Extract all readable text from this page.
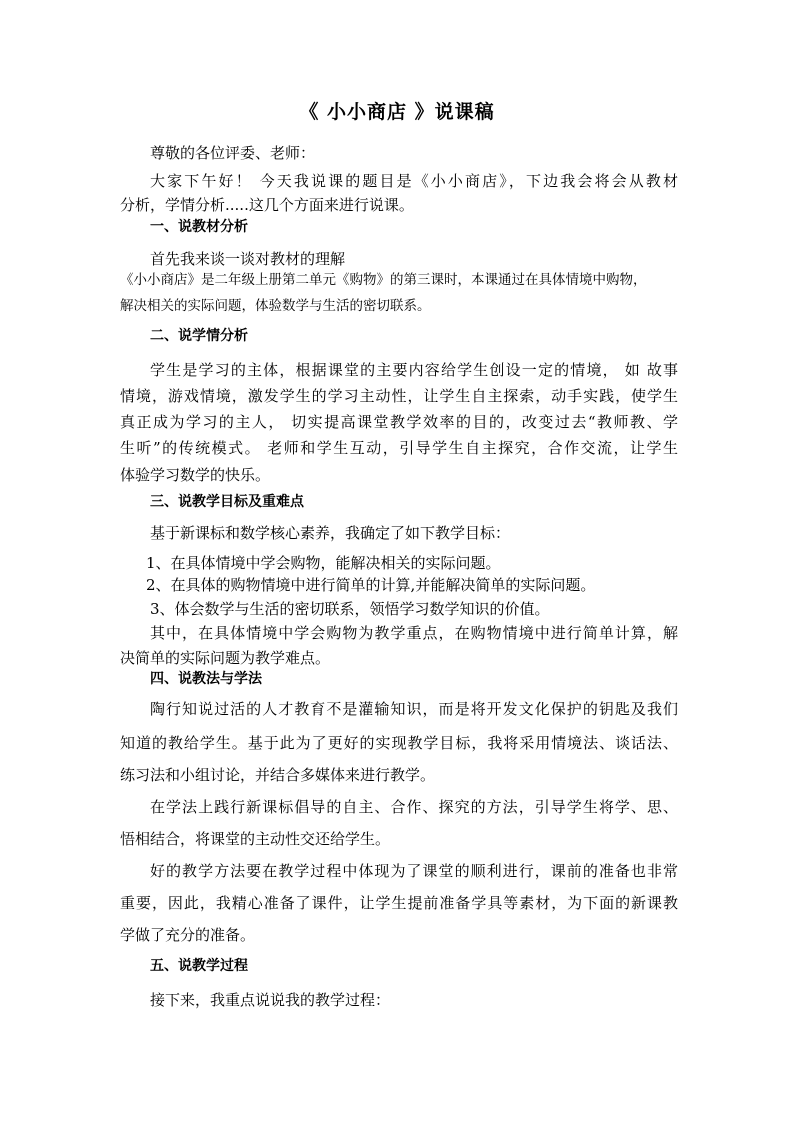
《 小小商店 》说课稿
尊敬的各位评委、老师：
大家下午好！ 今天我说课的题目是《小小商店》，下边我会将会从教材
分析，学情分析.....这几个方面来进行说课。
一、说教材分析
首先我来谈一谈对教材的理解
《小小商店》是二年级上册第二单元《购物》的第三课时，本课通过在具体情境中购物，
解决相关的实际问题，体验数学与生活的密切联系。
二、说学情分析
学生是学习的主体，根据课堂的主要内容给学生创设一定的情境， 如 故事
情境，游戏情境，激发学生的学习主动性，让学生自主探索，动手实践，使学生
真正成为学习的主人， 切实提高课堂教学效率的目的，改变过去“教师教、学
生听”的传统模式。 老师和学生互动，引导学生自主探究，合作交流，让学生
体验学习数学的快乐。
三、说教学目标及重难点
基于新课标和数学核心素养，我确定了如下教学目标：
1、在具体情境中学会购物，能解决相关的实际问题。
2、在具体的购物情境中进行简单的计算,并能解决简单的实际问题。
3、体会数学与生活的密切联系，领悟学习数学知识的价值。
其中，在具体情境中学会购物为教学重点，在购物情境中进行简单计算，解
决简单的实际问题为教学难点。
四、说教法与学法
陶行知说过活的人才教育不是灌输知识，而是将开发文化保护的钥匙及我们
知道的教给学生。基于此为了更好的实现教学目标，我将采用情境法、谈话法、
练习法和小组讨论，并结合多媒体来进行教学。
在学法上践行新课标倡导的自主、合作、探究的方法，引导学生将学、思、
悟相结合，将课堂的主动性交还给学生。
好的教学方法要在教学过程中体现为了课堂的顺利进行，课前的准备也非常
重要，因此，我精心准备了课件，让学生提前准备学具等素材，为下面的新课教
学做了充分的准备。
五、说教学过程
接下来，我重点说说我的教学过程：
